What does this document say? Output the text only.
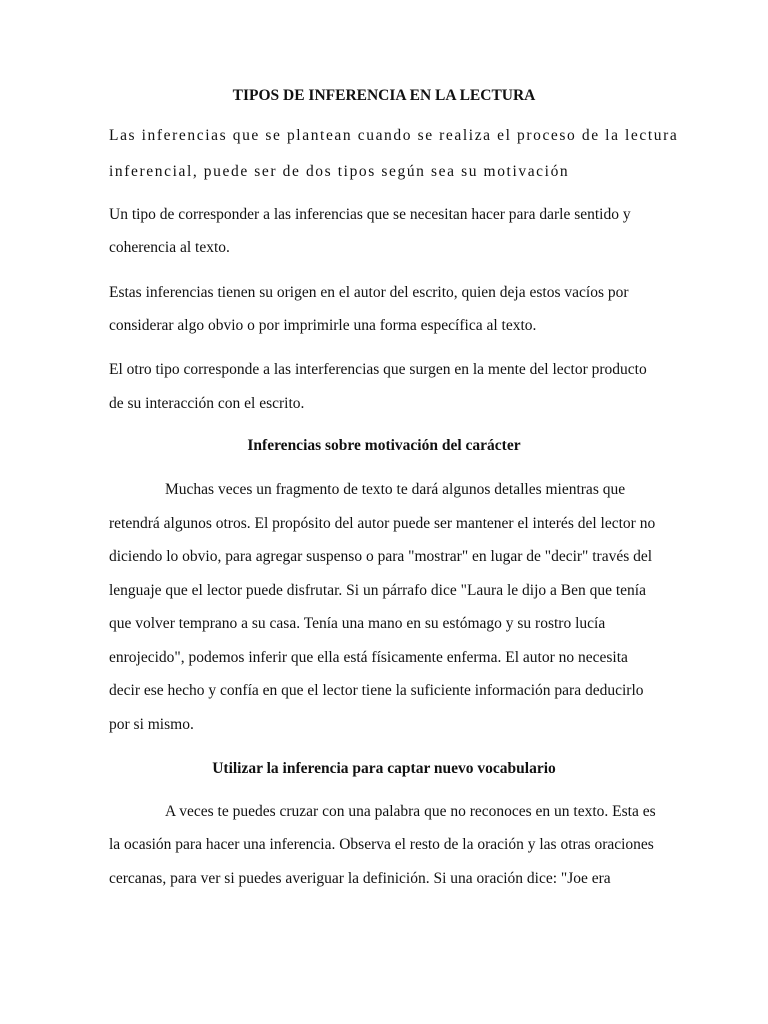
TIPOS DE INFERENCIA EN LA LECTURA

Las inferencias que se plantean cuando se realiza el proceso de la lectura

inferencial, puede ser de dos tipos según sea su motivación

Un tipo de corresponder a las inferencias que se necesitan hacer para darle sentido y

coherencia al texto.

Estas inferencias tienen su origen en el autor del escrito, quien deja estos vacíos por

considerar algo obvio o por imprimirle una forma específica al texto.

El otro tipo corresponde a las interferencias que surgen en la mente del lector producto

de su interacción con el escrito.

Inferencias sobre motivación del carácter

Muchas veces un fragmento de texto te dará algunos detalles mientras que

retendrá algunos otros. El propósito del autor puede ser mantener el interés del lector no

diciendo lo obvio, para agregar suspenso o para "mostrar" en lugar de "decir" través del

lenguaje que el lector puede disfrutar. Si un párrafo dice "Laura le dijo a Ben que tenía

que volver temprano a su casa. Tenía una mano en su estómago y su rostro lucía

enrojecido", podemos inferir que ella está físicamente enferma. El autor no necesita

decir ese hecho y confía en que el lector tiene la suficiente información para deducirlo

por si mismo.

Utilizar la inferencia para captar nuevo vocabulario

A veces te puedes cruzar con una palabra que no reconoces en un texto. Esta es

la ocasión para hacer una inferencia. Observa el resto de la oración y las otras oraciones

cercanas, para ver si puedes averiguar la definición. Si una oración dice: "Joe era
